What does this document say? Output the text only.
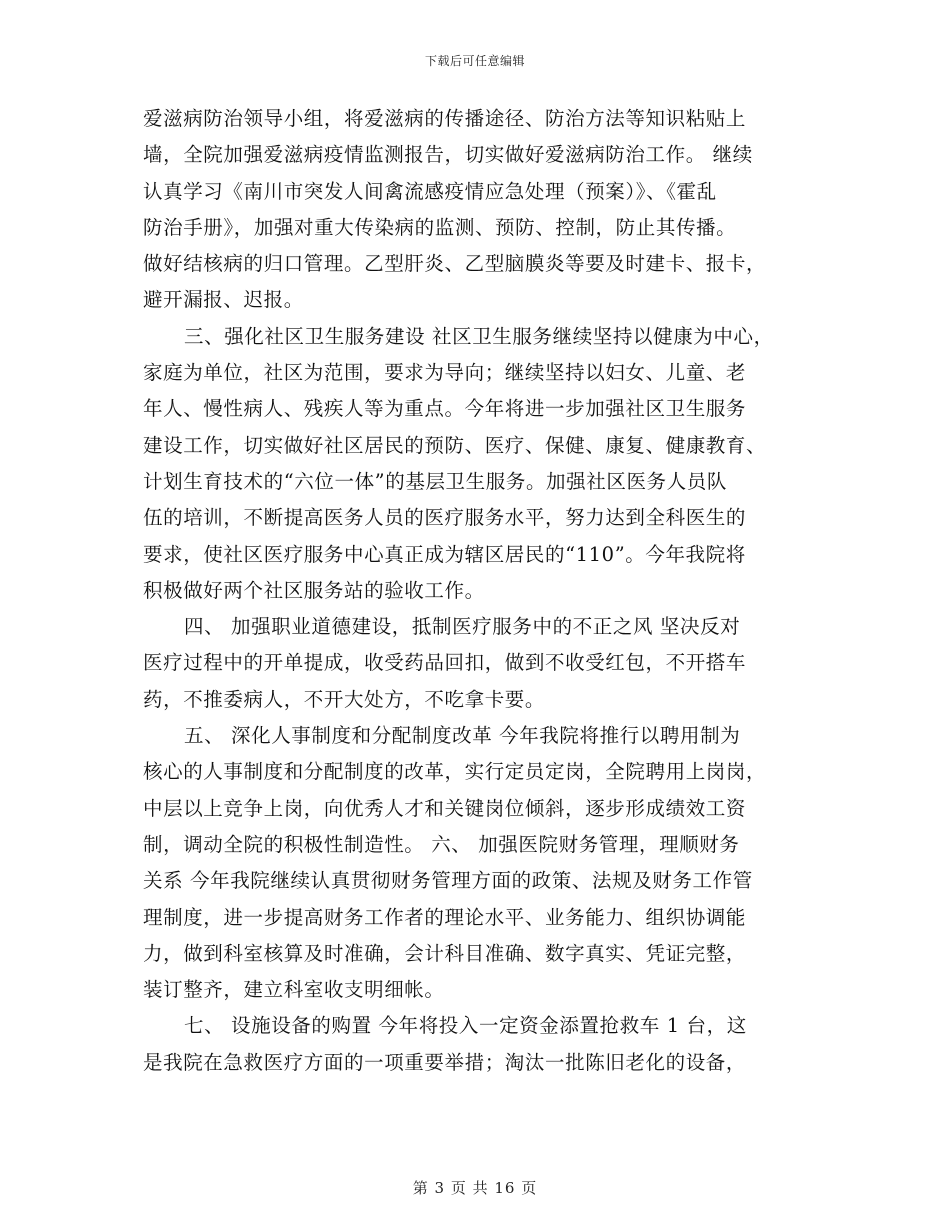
下载后可任意编辑
爱滋病防治领导小组，将爱滋病的传播途径、防治方法等知识粘贴上
墙，全院加强爱滋病疫情监测报告，切实做好爱滋病防治工作。 继续
认真学习《南川市突发人间禽流感疫情应急处理（预案）》、《霍乱
防治手册》，加强对重大传染病的监测、预防、控制，防止其传播。
做好结核病的归口管理。乙型肝炎、乙型脑膜炎等要及时建卡、报卡，
避开漏报、迟报。
三、强化社区卫生服务建设 社区卫生服务继续坚持以健康为中心，
家庭为单位，社区为范围，要求为导向；继续坚持以妇女、儿童、老
年人、慢性病人、残疾人等为重点。今年将进一步加强社区卫生服务
建设工作，切实做好社区居民的预防、医疗、保健、康复、健康教育、
计划生育技术的“六位一体”的基层卫生服务。加强社区医务人员队
伍的培训，不断提高医务人员的医疗服务水平，努力达到全科医生的
要求，使社区医疗服务中心真正成为辖区居民的“110”。今年我院将
积极做好两个社区服务站的验收工作。
四、 加强职业道德建设，抵制医疗服务中的不正之风 坚决反对
医疗过程中的开单提成，收受药品回扣，做到不收受红包，不开搭车
药，不推委病人，不开大处方，不吃拿卡要。
五、 深化人事制度和分配制度改革 今年我院将推行以聘用制为
核心的人事制度和分配制度的改革，实行定员定岗，全院聘用上岗岗，
中层以上竞争上岗，向优秀人才和关键岗位倾斜，逐步形成绩效工资
制，调动全院的积极性制造性。 六、 加强医院财务管理，理顺财务
关系 今年我院继续认真贯彻财务管理方面的政策、法规及财务工作管
理制度，进一步提高财务工作者的理论水平、业务能力、组织协调能
力，做到科室核算及时准确，会计科目准确、数字真实、凭证完整，
装订整齐，建立科室收支明细帐。
七、 设施设备的购置 今年将投入一定资金添置抢救车 1 台，这
是我院在急救医疗方面的一项重要举措；淘汰一批陈旧老化的设备，
第 3 页 共 16 页
